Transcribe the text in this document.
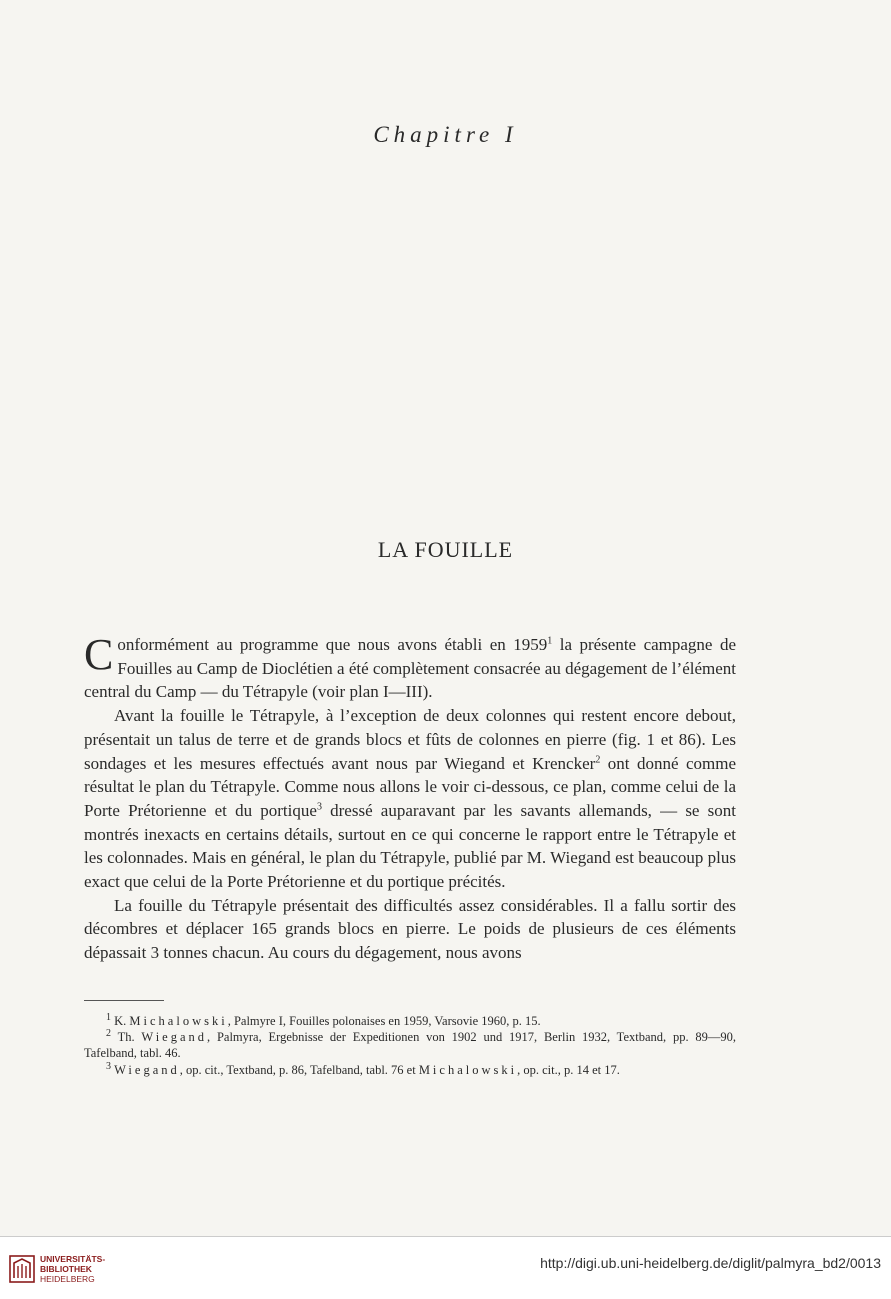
Chapitre I
LA FOUILLE

Conformément au programme que nous avons établi en 1959$^1$ la présente campagne de Fouilles au Camp de Dioclétien a été complètement consacrée au dégagement de l’élément central du Camp — du Tétrapyle (voir plan I—III).

Avant la fouille le Tétrapyle, à l’exception de deux colonnes qui restent encore debout, présentait un talus de terre et de grands blocs et fûts de colonnes en pierre (fig. 1 et 86). Les sondages et les mesures effectués avant nous par Wiegand et Krencker$^2$ ont donné comme résultat le plan du Tétrapyle. Comme nous allons le voir ci-dessous, ce plan, comme celui de la Porte Prétorienne et du portique$^3$ dressé auparavant par les savants allemands, — se sont montrés inexacts en certains détails, surtout en ce qui concerne le rapport entre le Tétrapyle et les colonnades. Mais en général, le plan du Tétrapyle, publié par M. Wiegand est beaucoup plus exact que celui de la Porte Prétorienne et du portique précités.

La fouille du Tétrapyle présentait des difficultés assez considérables. Il a fallu sortir des décombres et déplacer 165 grands blocs en pierre. Le poids de plusieurs de ces éléments dépassait 3 tonnes chacun. Au cours du dégagement, nous avons

$^1$ K. Michalowski, Palmyre I, Fouilles polonaises en 1959, Varsovie 1960, p. 15.

$^2$ Th. Wiegand, Palmyra, Ergebnisse der Expeditionen von 1902 und 1917, Berlin 1932, Textband, pp. 89—90, Tafelband, tabl. 46.

$^3$ Wiegand, op. cit., Textband, p. 86, Tafelband, tabl. 76 et Michalowski, op. cit., p. 14 et 17.

UNIVERSITÄTS-
BIBLIOTHEK
HEIDELBERG
http://digi.ub.uni-heidelberg.de/diglit/palmyra_bd2/0013
